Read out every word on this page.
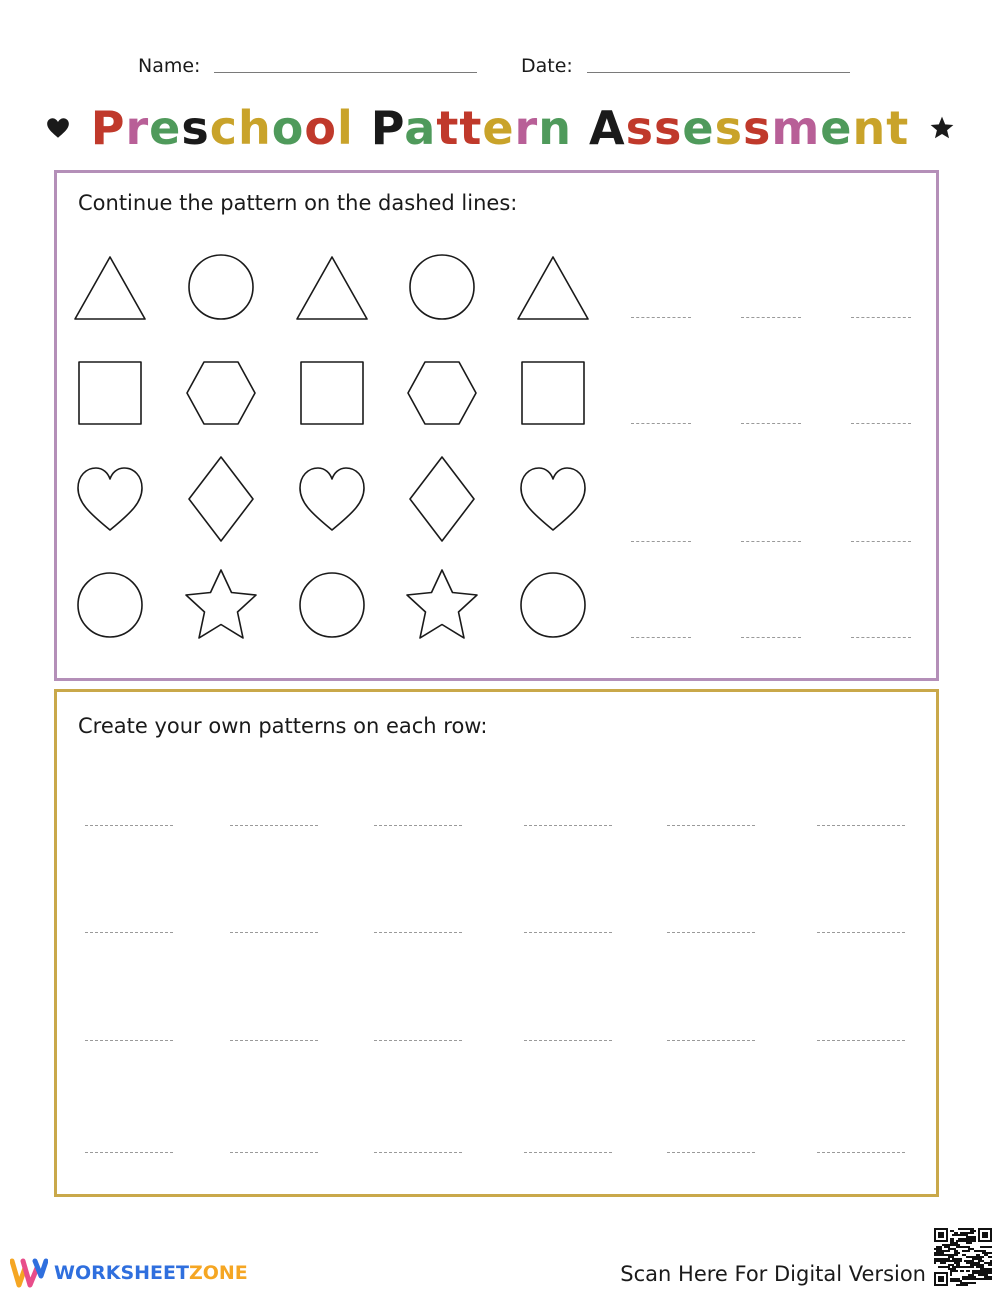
Name:	Date:
Preschool Pattern Assessment
Continue the pattern on the dashed lines:
Create your own patterns on each row:
WORKSHEETZONE	Scan Here For Digital Version
